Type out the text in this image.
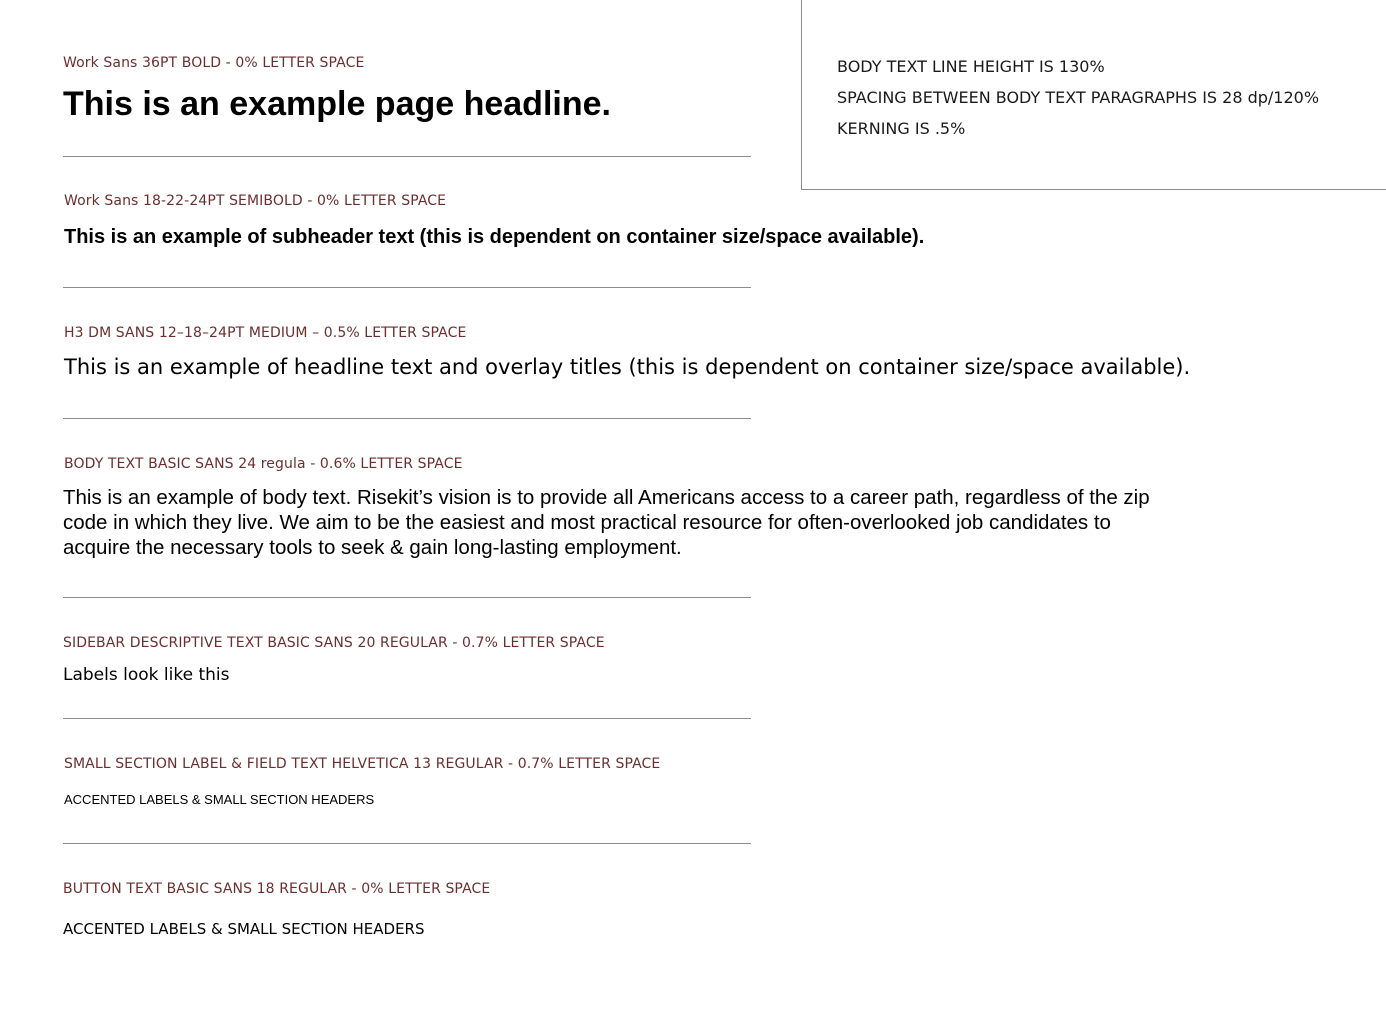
BODY TEXT LINE HEIGHT IS 130%
SPACING BETWEEN BODY TEXT PARAGRAPHS IS 28 dp/120%
KERNING IS .5%
Work Sans 36PT BOLD - 0% LETTER SPACE
This is an example page headline.
Work Sans 18-22-24PT SEMIBOLD - 0% LETTER SPACE
This is an example of subheader text (this is dependent on container size/space available).
H3 DM SANS 12–18–24PT MEDIUM – 0.5% LETTER SPACE
This is an example of headline text and overlay titles (this is dependent on container size/space available).
BODY TEXT BASIC SANS 24 regula - 0.6% LETTER SPACE
This is an example of body text. Risekit’s vision is to provide all Americans access to a career path, regardless of the zip code in which they live. We aim to be the easiest and most practical resource for often-overlooked job candidates to acquire the necessary tools to seek & gain long-lasting employment.
SIDEBAR DESCRIPTIVE TEXT BASIC SANS 20 REGULAR - 0.7% LETTER SPACE
Labels look like this
SMALL SECTION LABEL & FIELD TEXT HELVETICA 13 REGULAR - 0.7% LETTER SPACE
ACCENTED LABELS & SMALL SECTION HEADERS
BUTTON TEXT BASIC SANS 18 REGULAR - 0% LETTER SPACE
ACCENTED LABELS & SMALL SECTION HEADERS
